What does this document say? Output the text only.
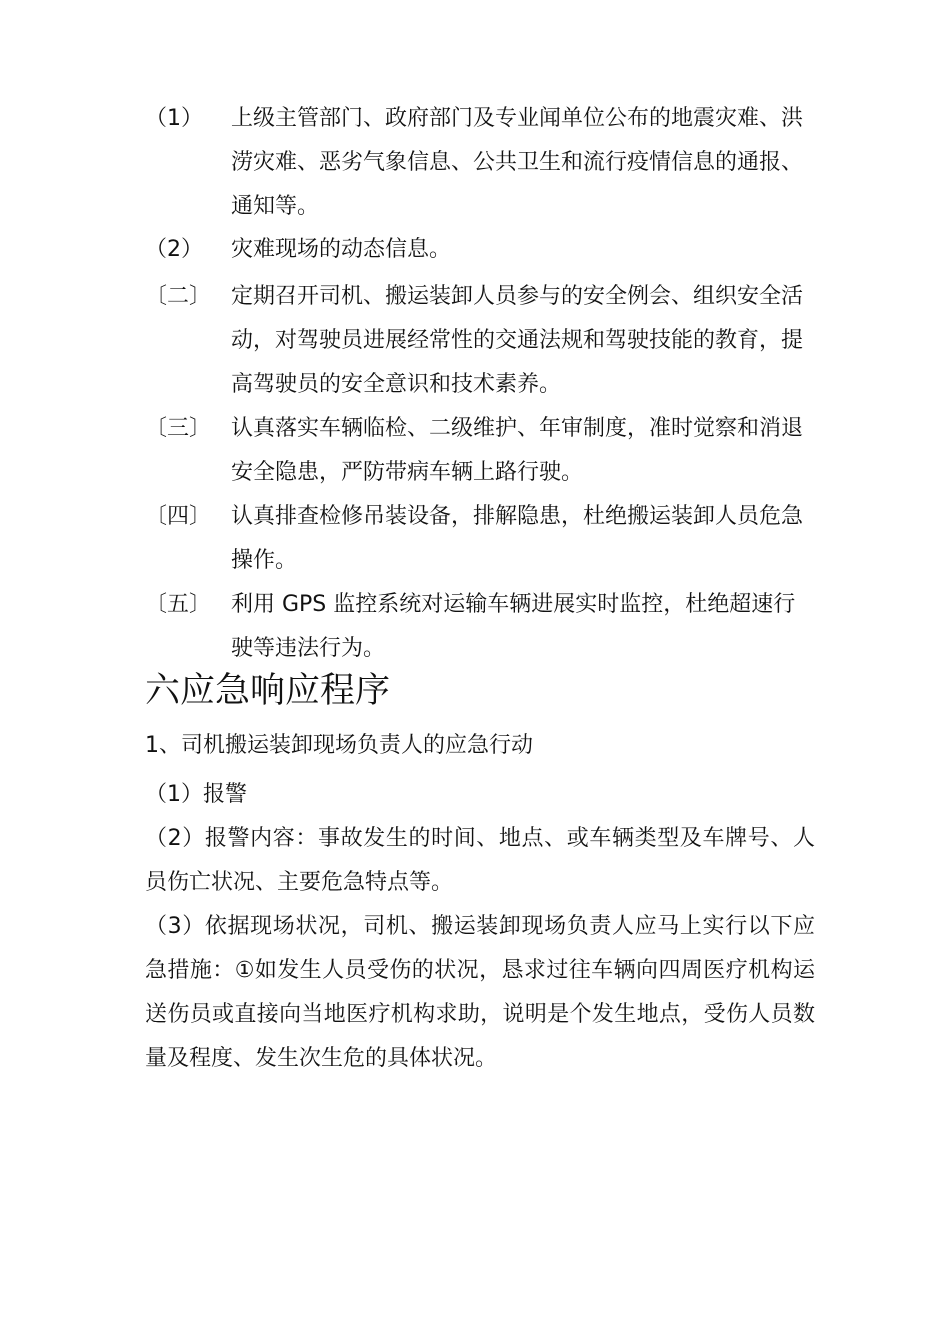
（1） 上级主管部门、政府部门及专业闻单位公布的地震灾难、洪涝灾难、恶劣气象信息、公共卫生和流行疫情信息的通报、通知等。
（2） 灾难现场的动态信息。
〔二〕 定期召开司机、搬运装卸人员参与的安全例会、组织安全活动，对驾驶员进展经常性的交通法规和驾驶技能的教育，提高驾驶员的安全意识和技术素养。
〔三〕 认真落实车辆临检、二级维护、年审制度，准时觉察和消退安全隐患，严防带病车辆上路行驶。
〔四〕 认真排查检修吊装设备，排解隐患，杜绝搬运装卸人员危急操作。
〔五〕 利用 GPS 监控系统对运输车辆进展实时监控，杜绝超速行驶等违法行为。
六应急响应程序
1、司机搬运装卸现场负责人的应急行动
（1）报警
（2）报警内容：事故发生的时间、地点、或车辆类型及车牌号、人员伤亡状况、主要危急特点等。
（3）依据现场状况，司机、搬运装卸现场负责人应马上实行以下应急措施：①如发生人员受伤的状况，恳求过往车辆向四周医疗机构运送伤员或直接向当地医疗机构求助，说明是个发生地点，受伤人员数量及程度、发生次生危的具体状况。
